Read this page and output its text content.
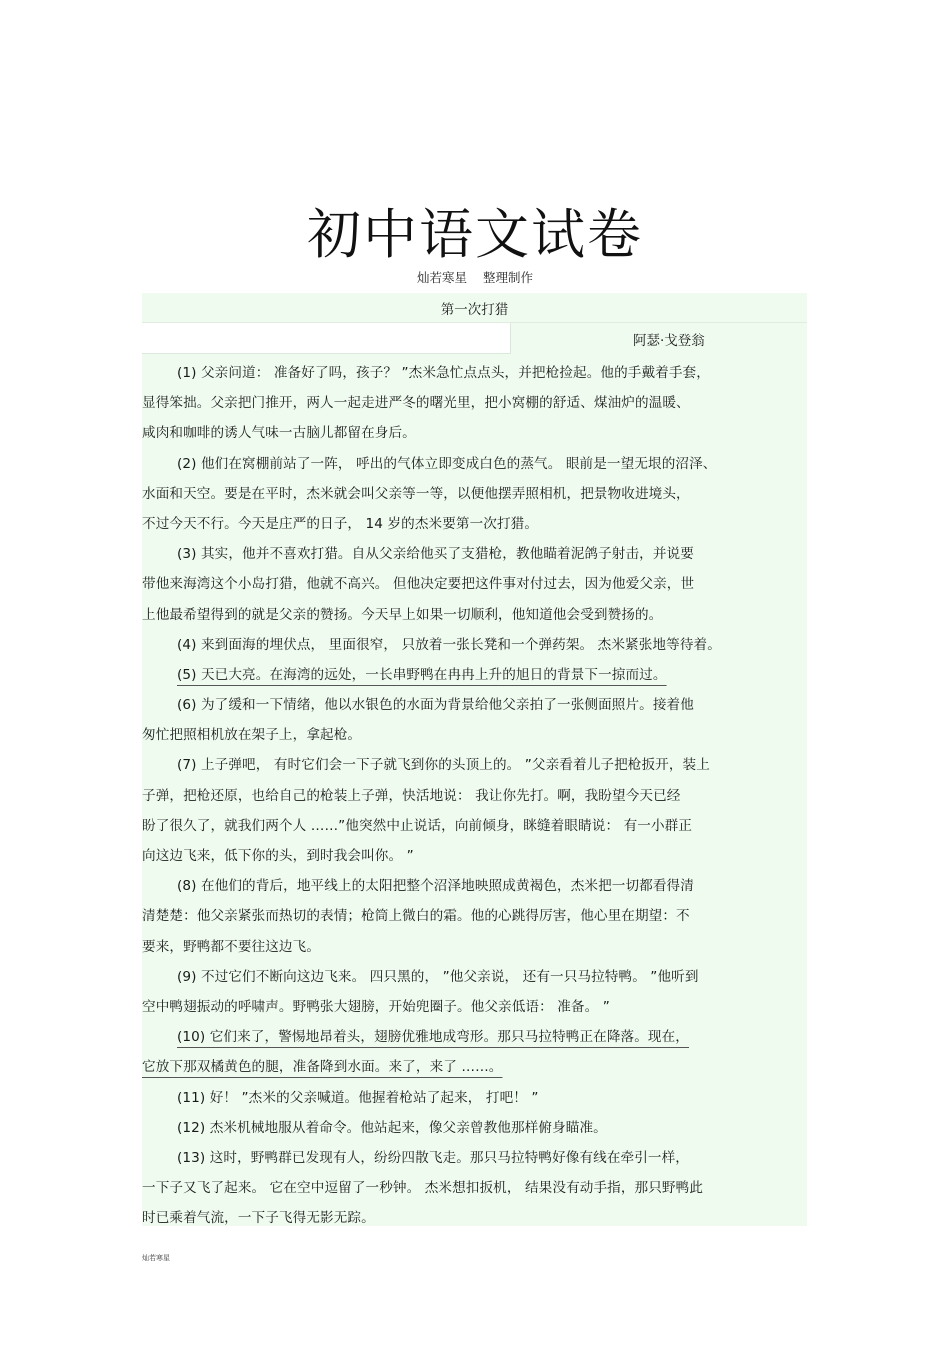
初中语文试卷
灿若寒星 整理制作
第一次打猎
阿瑟·戈登翁
(1) 父亲问道： 准备好了吗，孩子？ ”杰米急忙点点头，并把枪捡起。他的手戴着手套，
显得笨拙。父亲把门推开，两人一起走进严冬的曙光里，把小窝棚的舒适、煤油炉的温暖、
咸肉和咖啡的诱人气味一古脑儿都留在身后。
(2) 他们在窝棚前站了一阵， 呼出的气体立即变成白色的蒸气。 眼前是一望无垠的沼泽、
水面和天空。要是在平时，杰米就会叫父亲等一等，以便他摆弄照相机，把景物收进境头，
不过今天不行。今天是庄严的日子， 14 岁的杰米要第一次打猎。
(3) 其实，他并不喜欢打猎。自从父亲给他买了支猎枪，教他瞄着泥鸽子射击，并说要
带他来海湾这个小岛打猎，他就不高兴。 但他决定要把这件事对付过去，因为他爱父亲，世
上他最希望得到的就是父亲的赞扬。今天早上如果一切顺利，他知道他会受到赞扬的。
(4) 来到面海的埋伏点， 里面很窄， 只放着一张长凳和一个弹药架。 杰米紧张地等待着。
(5) 天已大亮。在海湾的远处，一长串野鸭在冉冉上升的旭日的背景下一掠而过。
(6) 为了缓和一下情绪，他以水银色的水面为背景给他父亲拍了一张侧面照片。接着他
匆忙把照相机放在架子上，拿起枪。
(7) 上子弹吧， 有时它们会一下子就飞到你的头顶上的。 ”父亲看着儿子把枪扳开，装上
子弹，把枪还原，也给自己的枪装上子弹，快活地说： 我让你先打。啊，我盼望今天已经
盼了很久了，就我们两个人 ……”他突然中止说话，向前倾身，眯缝着眼睛说： 有一小群正
向这边飞来，低下你的头，到时我会叫你。 ”
(8) 在他们的背后，地平线上的太阳把整个沼泽地映照成黄褐色，杰米把一切都看得清
清楚楚：他父亲紧张而热切的表情；枪筒上微白的霜。他的心跳得厉害，他心里在期望：不
要来，野鸭都不要往这边飞。
(9) 不过它们不断向这边飞来。 四只黑的， ”他父亲说， 还有一只马拉特鸭。 ”他听到
空中鸭翅振动的呼啸声。野鸭张大翅膀，开始兜圈子。他父亲低语： 准备。 ”
(10) 它们来了，警惕地昂着头，翅膀优雅地成弯形。那只马拉特鸭正在降落。现在，
它放下那双橘黄色的腿，准备降到水面。来了，来了 ……。
(11) 好！ ”杰米的父亲喊道。他握着枪站了起来， 打吧！ ”
(12) 杰米机械地服从着命令。他站起来，像父亲曾教他那样俯身瞄准。
(13) 这时，野鸭群已发现有人，纷纷四散飞走。那只马拉特鸭好像有线在牵引一样，
一下子又飞了起来。 它在空中逗留了一秒钟。 杰米想扣扳机， 结果没有动手指，那只野鸭此
时已乘着气流，一下子飞得无影无踪。
灿若寒星
